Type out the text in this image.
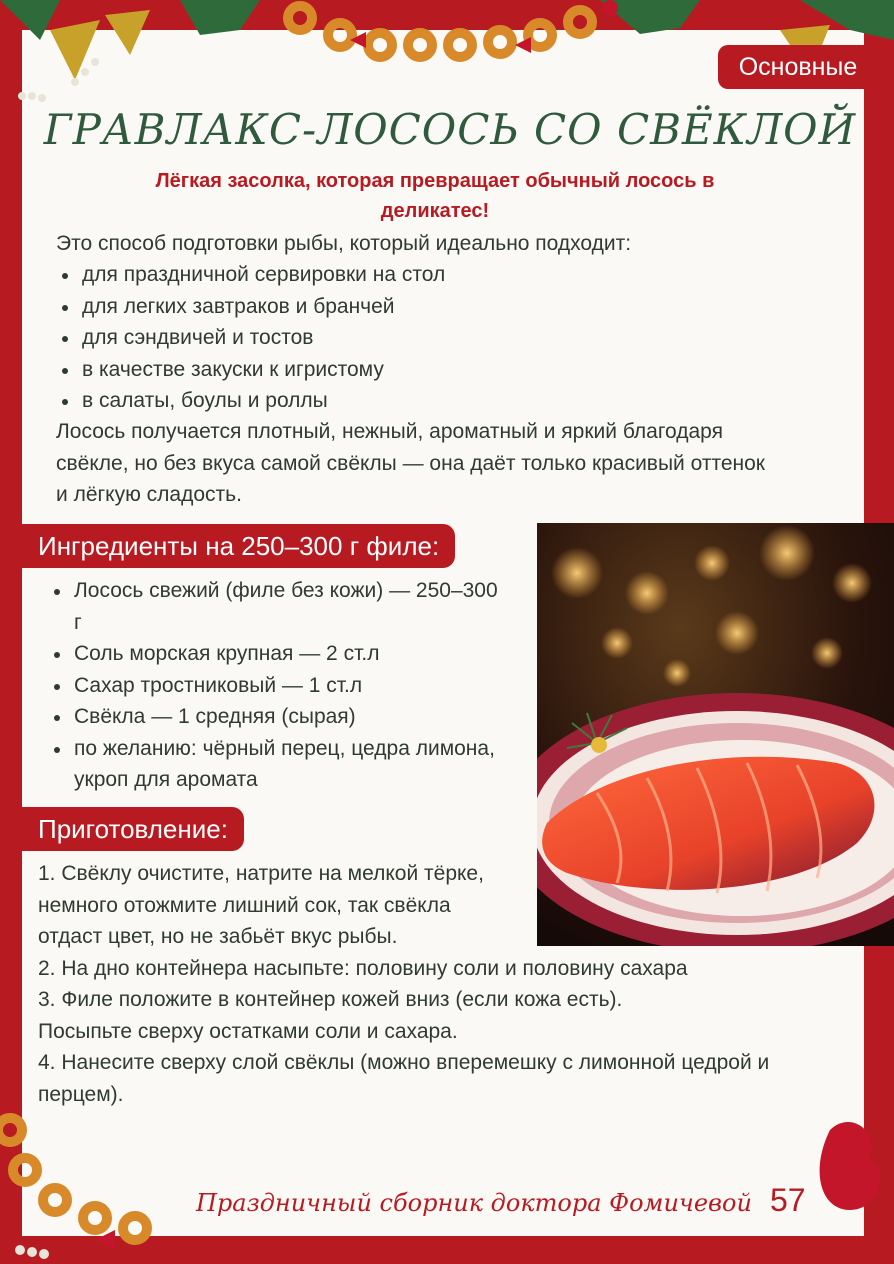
Основные
ГРАВЛАКС-ЛОСОСЬ СО СВЁКЛОЙ
Лёгкая засолка, которая превращает обычный лосось в деликатес!
Это способ подготовки рыбы, который идеально подходит:
для праздничной сервировки на стол
для легких завтраков и бранчей
для сэндвичей и тостов
в качестве закуски к игристому
в салаты, боулы и роллы
Лосось получается плотный, нежный, ароматный и яркий благодаря свёкле, но без вкуса самой свёклы — она даёт только красивый оттенок и лёгкую сладость.
Ингредиенты на 250–300 г филе:
Лосось свежий (филе без кожи) — 250–300 г
Соль морская крупная — 2 ст.л
Сахар тростниковый — 1 ст.л
Свёкла — 1 средняя (сырая)
по желанию: чёрный перец, цедра лимона, укроп для аромата
Приготовление:
1. Свёклу очистите, натрите на мелкой тёрке, немного отожмите лишний сок, так свёкла отдаст цвет, но не забьёт вкус рыбы.
2. На дно контейнера насыпьте: половину соли и половину сахара
3. Филе положите в контейнер кожей вниз (если кожа есть).
Посыпьте сверху остатками соли и сахара.
4. Нанесите сверху слой свёклы (можно вперемешку с лимонной цедрой и перцем).
Праздничный сборник доктора Фомичевой 57
